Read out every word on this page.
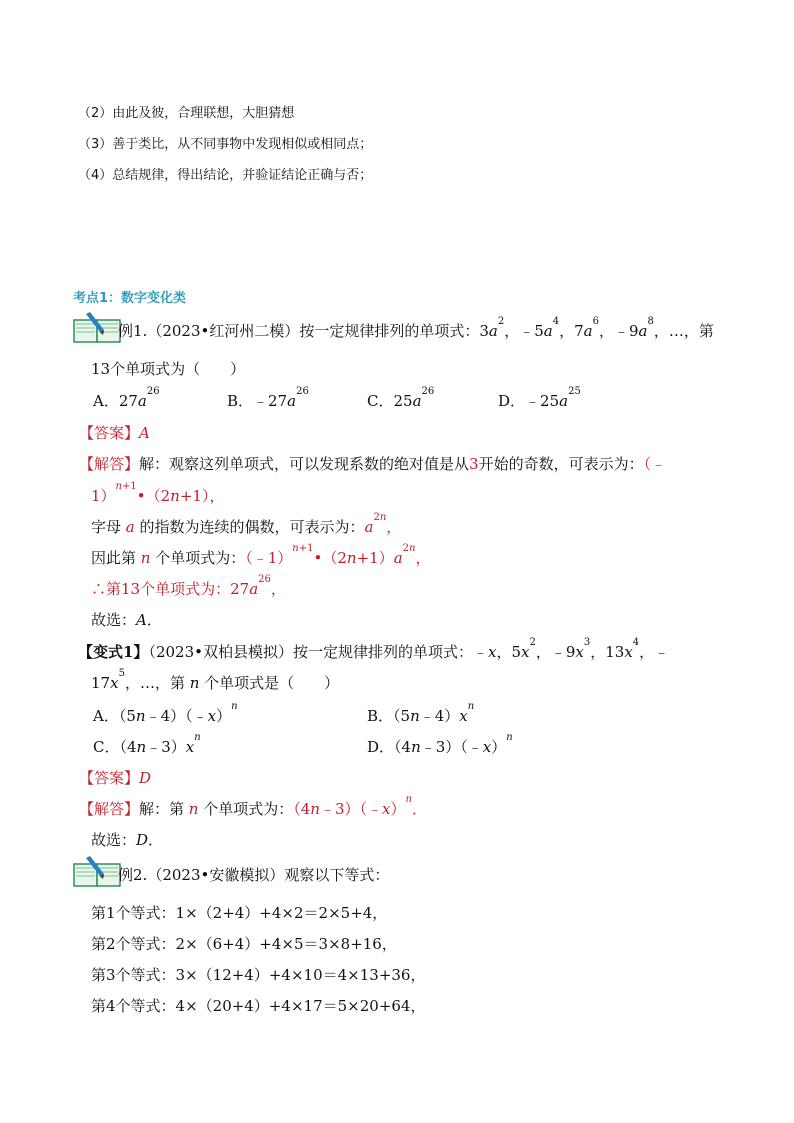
（2）由此及彼，合理联想，大胆猜想
（3）善于类比，从不同事物中发现相似或相同点；
（4）总结规律，得出结论，并验证结论正确与否；
考点1：数字变化类
例1.（2023•红河州二模）按一定规律排列的单项式：$3a^2$，$﹣5a^4$，$7a^6$，$﹣9a^8$，…，第
13个单项式为（　　）
A．$27a^{26}$
B．$﹣27a^{26}$
C．$25a^{26}$
D．$﹣25a^{25}$
【答案】A
【解答】解：观察这列单项式，可以发现系数的绝对值是从3开始的奇数，可表示为：（﹣
1）$^{n+1}$•（2n+1），
字母 a 的指数为连续的偶数，可表示为：$a^{2n}$，
因此第 n 个单项式为：$(﹣1)^{n+1}•(2n+1)a^{2n}$，
∴第13个单项式为：$27a^{26}$，
故选：A．
【变式1】（2023•双柏县模拟）按一定规律排列的单项式：﹣x，$5x^2$，$﹣9x^3$，$13x^4$，﹣
$17x^5$，…，第 n 个单项式是（　　）
A．（5n﹣4）（﹣x）$^n$
B．$(5n﹣4)x^n$
C．$(4n﹣3)x^n$
D．（4n﹣3）（﹣x）$^n$
【答案】D
【解答】解：第 n 个单项式为：（4n﹣3）（﹣x）$^n$．
故选：D．
例2.（2023•安徽模拟）观察以下等式：
第1个等式：1×（2+4）+4×2＝2×5+4，
第2个等式：2×（6+4）+4×5＝3×8+16，
第3个等式：3×（12+4）+4×10＝4×13+36，
第4个等式：4×（20+4）+4×17＝5×20+64，
